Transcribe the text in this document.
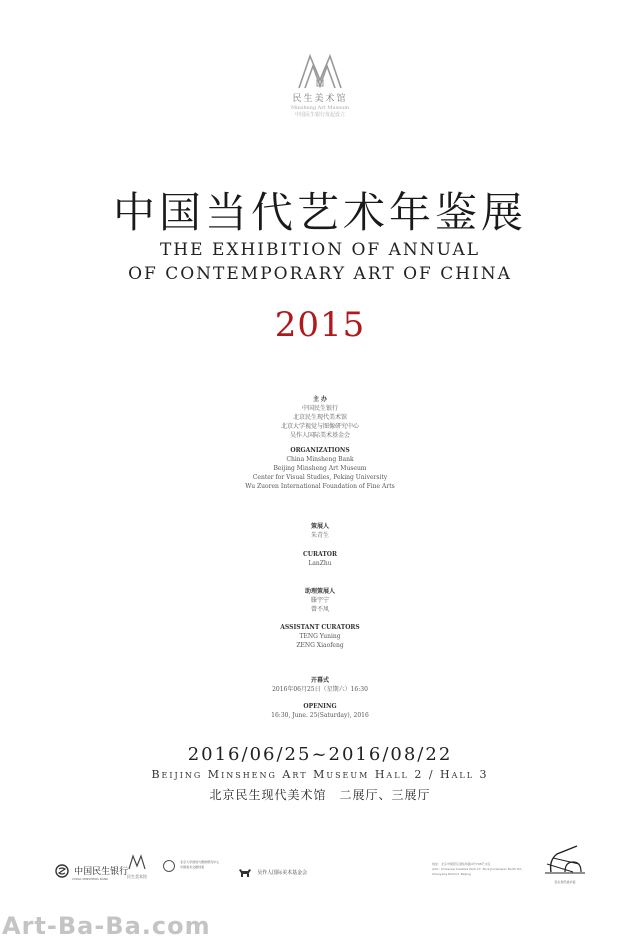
民生美术馆
Minsheng Art Museum
中国民生银行发起设立
中国当代艺术年鉴展
THE EXHIBITION OF ANNUAL
OF CONTEMPORARY ART OF CHINA
2015
主 办
中国民生银行
北京民生现代美术馆
北京大学视觉与图像研究中心
吴作人国际美术基金会
ORGANIZATIONS
China Minsheng Bank
Beijing Minsheng Art Museum
Center for Visual Studies, Peking University
Wu Zuoren International Foundation of Fine Arts
策展人
朱青生
CURATOR
LanZhu
助理策展人
滕宇宁
曾不凤
ASSISTANT CURATORS
TENG Yuning
ZENG Xiaofeng
开幕式
2016年06月25日（星期六）16:30
OPENING
16:30, June. 25(Saturday), 2016
2016/06/25~2016/08/22
Beijing Minsheng Art Museum Hall 2 / Hall 3
北京民生现代美术馆　二展厅、三展厅
中国民生银行
CHINA MINSHENG BANK	民生美术馆
北京大学视觉与图像研究中心
中国美术文献档案
吴作人国际美术基金会
地址：北京市朝阳区酒仙桥路4号798艺术区
Add.: Universal Creative Park C7, No.9 Jiuxianqiao North Rd., Chaoyang District, Beijing
民生现代美术馆
Art-Ba-Ba.com
